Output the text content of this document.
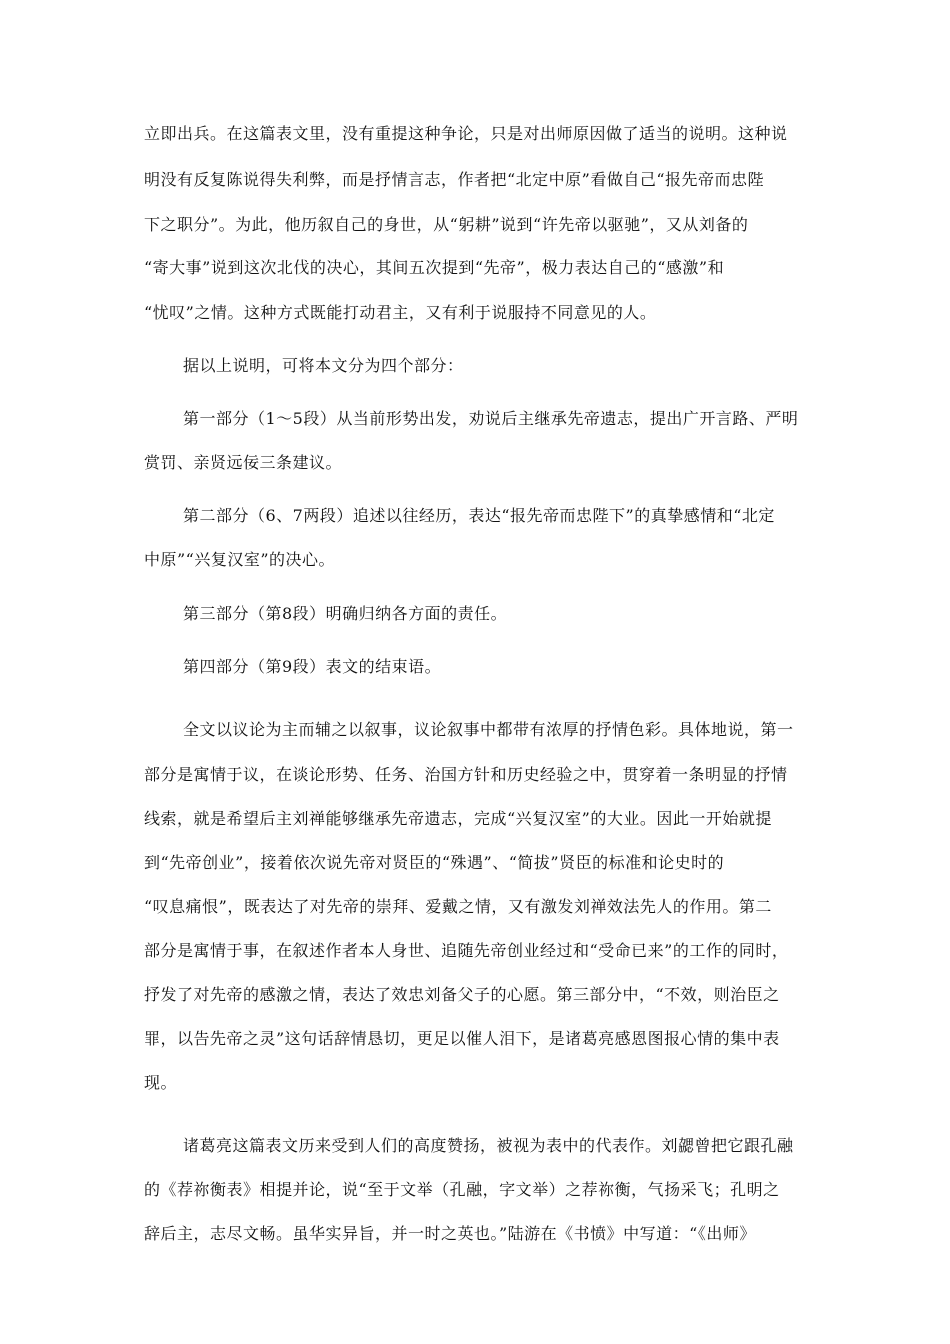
立即出兵。在这篇表文里，没有重提这种争论，只是对出师原因做了适当的说明。这种说
明没有反复陈说得失利弊，而是抒情言志，作者把“北定中原”看做自己“报先帝而忠陛
下之职分”。为此，他历叙自己的身世，从“躬耕”说到“许先帝以驱驰”，又从刘备的
“寄大事”说到这次北伐的决心，其间五次提到“先帝”，极力表达自己的“感激”和
“忧叹”之情。这种方式既能打动君主，又有利于说服持不同意见的人。
据以上说明，可将本文分为四个部分：
第一部分（1～5段）从当前形势出发，劝说后主继承先帝遗志，提出广开言路、严明
赏罚、亲贤远佞三条建议。
第二部分（6、7两段）追述以往经历，表达“报先帝而忠陛下”的真挚感情和“北定
中原”“兴复汉室”的决心。
第三部分（第8段）明确归纳各方面的责任。
第四部分（第9段）表文的结束语。
全文以议论为主而辅之以叙事，议论叙事中都带有浓厚的抒情色彩。具体地说，第一
部分是寓情于议，在谈论形势、任务、治国方针和历史经验之中，贯穿着一条明显的抒情
线索，就是希望后主刘禅能够继承先帝遗志，完成“兴复汉室”的大业。因此一开始就提
到“先帝创业”，接着依次说先帝对贤臣的“殊遇”、“简拔”贤臣的标准和论史时的
“叹息痛恨”，既表达了对先帝的崇拜、爱戴之情，又有激发刘禅效法先人的作用。第二
部分是寓情于事，在叙述作者本人身世、追随先帝创业经过和“受命已来”的工作的同时，
抒发了对先帝的感激之情，表达了效忠刘备父子的心愿。第三部分中，“不效，则治臣之
罪，以告先帝之灵”这句话辞情恳切，更足以催人泪下，是诸葛亮感恩图报心情的集中表
现。
诸葛亮这篇表文历来受到人们的高度赞扬，被视为表中的代表作。刘勰曾把它跟孔融
的《荐祢衡表》相提并论，说“至于文举（孔融，字文举）之荐祢衡，气扬采飞；孔明之
辞后主，志尽文畅。虽华实异旨，并一时之英也。”陆游在《书愤》中写道：“《出师》
